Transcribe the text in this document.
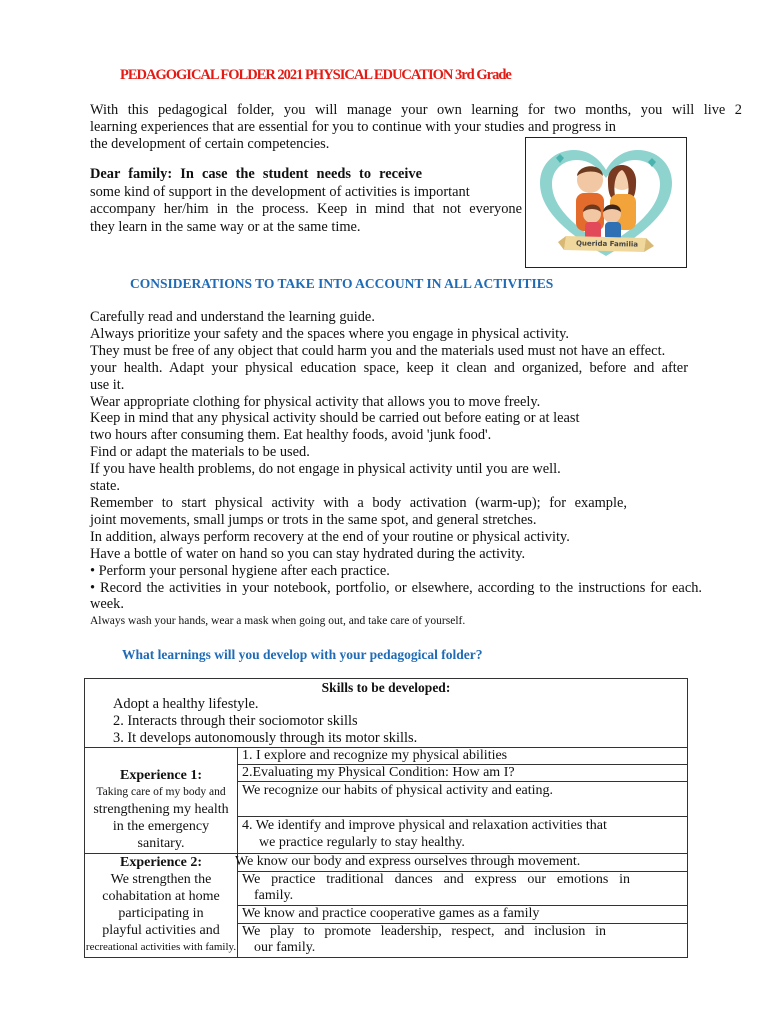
PEDAGOGICAL FOLDER 2021 PHYSICAL EDUCATION 3rd Grade
With this pedagogical folder, you will manage your own learning for two months, you will live 2
learning experiences that are essential for you to continue with your studies and progress in
the development of certain competencies.
Dear family: In case the student needs to receive
some kind of support in the development of activities is important
accompany her/him in the process. Keep in mind that not everyone
they learn in the same way or at the same time.
Querida Familia
CONSIDERATIONS TO TAKE INTO ACCOUNT IN ALL ACTIVITIES
Carefully read and understand the learning guide.
Always prioritize your safety and the spaces where you engage in physical activity.
They must be free of any object that could harm you and the materials used must not have an effect.
your health. Adapt your physical education space, keep it clean and organized, before and after
use it.
Wear appropriate clothing for physical activity that allows you to move freely.
Keep in mind that any physical activity should be carried out before eating or at least
two hours after consuming them. Eat healthy foods, avoid 'junk food'.
Find or adapt the materials to be used.
If you have health problems, do not engage in physical activity until you are well.
state.
Remember to start physical activity with a body activation (warm-up); for example,
joint movements, small jumps or trots in the same spot, and general stretches.
In addition, always perform recovery at the end of your routine or physical activity.
Have a bottle of water on hand so you can stay hydrated during the activity.
• Perform your personal hygiene after each practice.
• Record the activities in your notebook, portfolio, or elsewhere, according to the instructions for each.
week.
Always wash your hands, wear a mask when going out, and take care of yourself.
What learnings will you develop with your pedagogical folder?
Skills to be developed:
Adopt a healthy lifestyle.
2. Interacts through their sociomotor skills
3. It develops autonomously through its motor skills.
Experience 1:
Taking care of my body and
strengthening my health
in the emergency
sanitary.
1. I explore and recognize my physical abilities
2.Evaluating my Physical Condition: How am I?
We recognize our habits of physical activity and eating.
4. We identify and improve physical and relaxation activities that
we practice regularly to stay healthy.
Experience 2:
We strengthen the
cohabitation at home
participating in
playful activities and
recreational activities with family.
We know our body and express ourselves through movement.
We practice traditional dances and express our emotions in
family.
We know and practice cooperative games as a family
We play to promote leadership, respect, and inclusion in
our family.
